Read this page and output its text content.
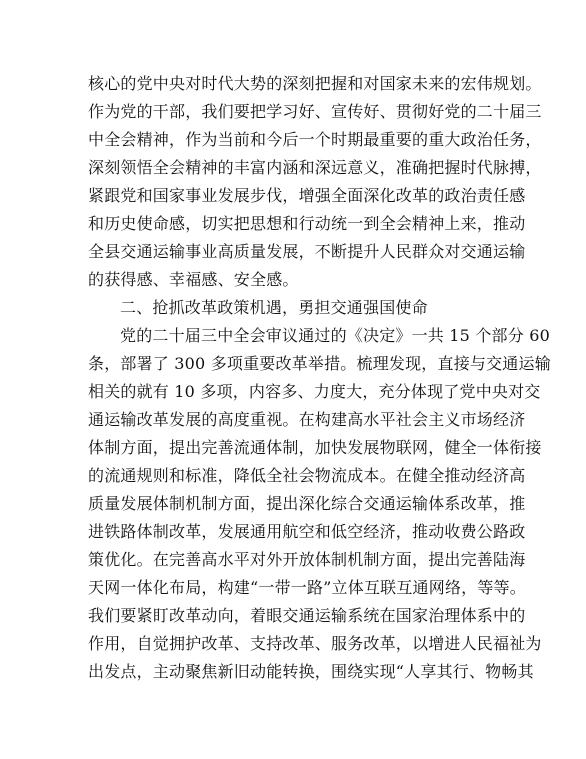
核心的党中央对时代大势的深刻把握和对国家未来的宏伟规划。
作为党的干部，我们要把学习好、宣传好、贯彻好党的二十届三
中全会精神，作为当前和今后一个时期最重要的重大政治任务，
深刻领悟全会精神的丰富内涵和深远意义，准确把握时代脉搏，
紧跟党和国家事业发展步伐，增强全面深化改革的政治责任感
和历史使命感，切实把思想和行动统一到全会精神上来，推动
全县交通运输事业高质量发展，不断提升人民群众对交通运输
的获得感、幸福感、安全感。
二、抢抓改革政策机遇，勇担交通强国使命
党的二十届三中全会审议通过的《决定》一共 15 个部分 60
条，部署了 300 多项重要改革举措。梳理发现，直接与交通运输
相关的就有 10 多项，内容多、力度大，充分体现了党中央对交
通运输改革发展的高度重视。在构建高水平社会主义市场经济
体制方面，提出完善流通体制，加快发展物联网，健全一体衔接
的流通规则和标准，降低全社会物流成本。在健全推动经济高
质量发展体制机制方面，提出深化综合交通运输体系改革，推
进铁路体制改革，发展通用航空和低空经济，推动收费公路政
策优化。在完善高水平对外开放体制机制方面，提出完善陆海
天网一体化布局，构建“一带一路”立体互联互通网络，等等。
我们要紧盯改革动向，着眼交通运输系统在国家治理体系中的
作用，自觉拥护改革、支持改革、服务改革，以增进人民福祉为
出发点，主动聚焦新旧动能转换，围绕实现“人享其行、物畅其
